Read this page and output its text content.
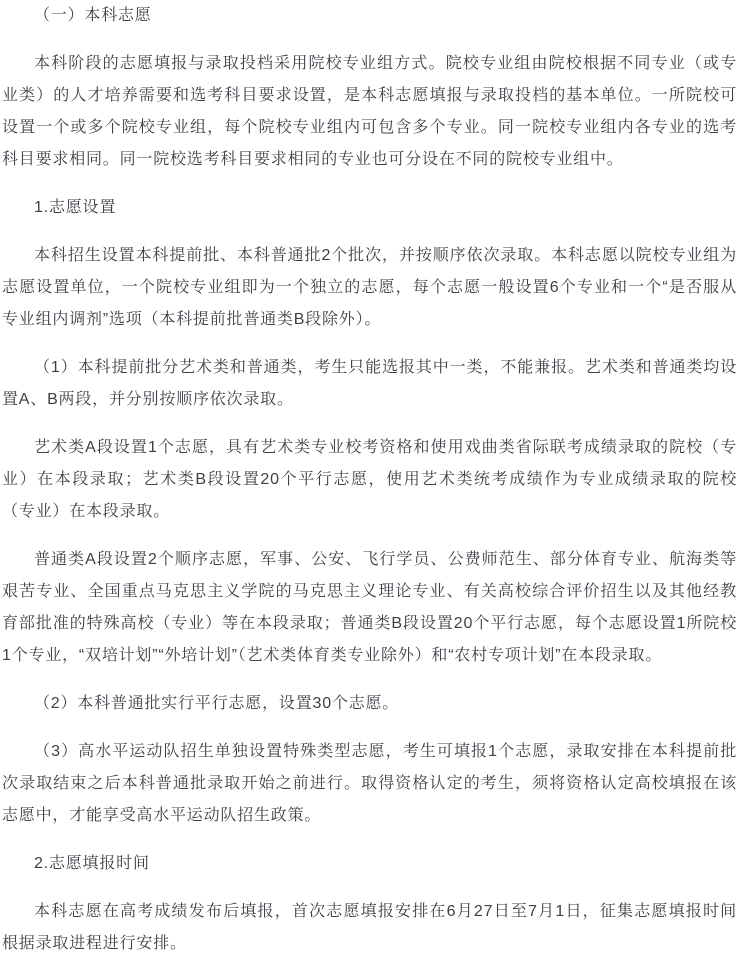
（一）本科志愿

本科阶段的志愿填报与录取投档采用院校专业组方式。院校专业组由院校根据不同专业（或专业类）的人才培养需要和选考科目要求设置，是本科志愿填报与录取投档的基本单位。一所院校可设置一个或多个院校专业组，每个院校专业组内可包含多个专业。同一院校专业组内各专业的选考科目要求相同。同一院校选考科目要求相同的专业也可分设在不同的院校专业组中。

1.志愿设置

本科招生设置本科提前批、本科普通批2个批次，并按顺序依次录取。本科志愿以院校专业组为志愿设置单位，一个院校专业组即为一个独立的志愿，每个志愿一般设置6个专业和一个“是否服从专业组内调剂”选项（本科提前批普通类B段除外）。

（1）本科提前批分艺术类和普通类，考生只能选报其中一类，不能兼报。艺术类和普通类均设置A、B两段，并分别按顺序依次录取。

艺术类A段设置1个志愿，具有艺术类专业校考资格和使用戏曲类省际联考成绩录取的院校（专业）在本段录取；艺术类B段设置20个平行志愿，使用艺术类统考成绩作为专业成绩录取的院校（专业）在本段录取。

普通类A段设置2个顺序志愿，军事、公安、飞行学员、公费师范生、部分体育专业、航海类等艰苦专业、全国重点马克思主义学院的马克思主义理论专业、有关高校综合评价招生以及其他经教育部批准的特殊高校（专业）等在本段录取；普通类B段设置20个平行志愿，每个志愿设置1所院校1个专业，“双培计划”“外培计划”（艺术类体育类专业除外）和“农村专项计划”在本段录取。

（2）本科普通批实行平行志愿，设置30个志愿。

（3）高水平运动队招生单独设置特殊类型志愿，考生可填报1个志愿，录取安排在本科提前批次录取结束之后本科普通批录取开始之前进行。取得资格认定的考生，须将资格认定高校填报在该志愿中，才能享受高水平运动队招生政策。

2.志愿填报时间

本科志愿在高考成绩发布后填报，首次志愿填报安排在6月27日至7月1日，征集志愿填报时间根据录取进程进行安排。
